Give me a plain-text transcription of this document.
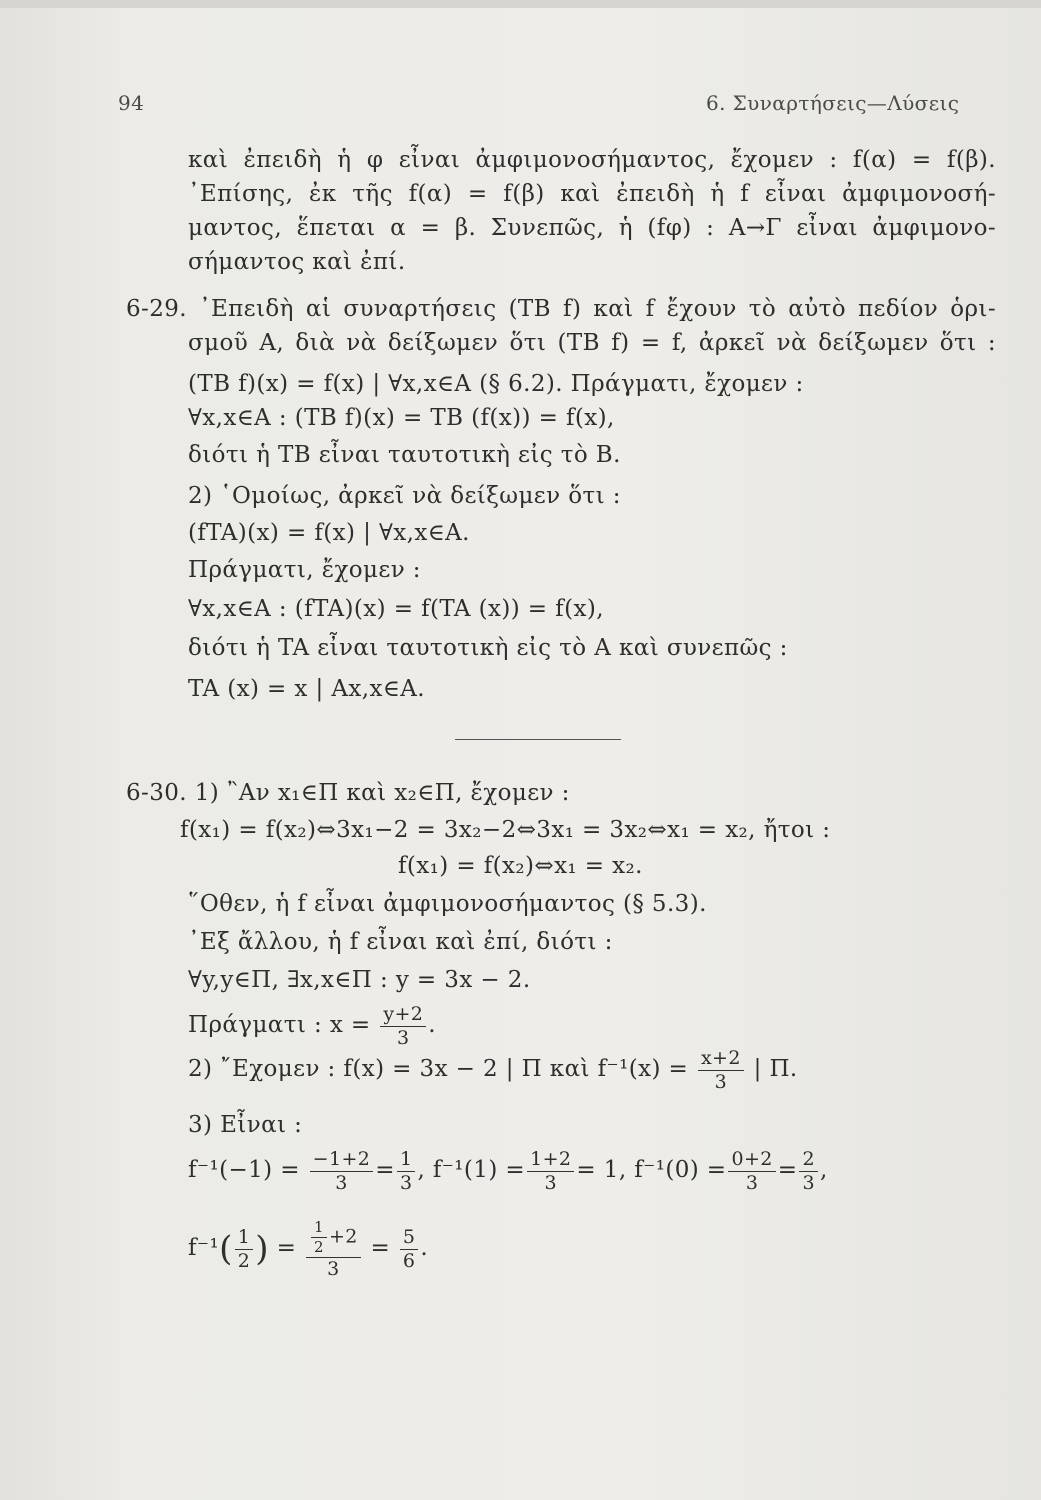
94	6. Συναρτήσεις—Λύσεις
καὶ ἐπειδὴ ἡ φ εἶναι ἀμφιμονοσήμαντος, ἔχομεν : f(α) = f(β).
᾿Επίσης, ἐκ τῆς f(α) = f(β) καὶ ἐπειδὴ ἡ f εἶναι ἀμφιμονοσή-
μαντος, ἕπεται α = β. Συνεπῶς, ἡ (fφ) : Α→Γ εἶναι ἀμφιμονο-
σήμαντος καὶ ἐπί.
6-29. ᾿Επειδὴ αἱ συναρτήσεις (TB f) καὶ f ἔχουν τὸ αὐτὸ πεδίον ὁρι-
σμοῦ Α, διὰ νὰ δείξωμεν ὅτι (TB f) = f, ἀρκεῖ νὰ δείξωμεν ὅτι :
(TB f)(x) = f(x) | ∀x,x∈A (§ 6.2). Πράγματι, ἔχομεν :
∀x,x∈A : (TB f)(x) = TB (f(x)) = f(x),
διότι ἡ TB εἶναι ταυτοτικὴ εἰς τὸ Β.
2) ῾Ομοίως, ἀρκεῖ νὰ δείξωμεν ὅτι :
(fTA)(x) = f(x) | ∀x,x∈A.
Πράγματι, ἔχομεν :
∀x,x∈A : (fTA)(x) = f(TA (x)) = f(x),
διότι ἡ TA εἶναι ταυτοτικὴ εἰς τὸ Α καὶ συνεπῶς :
TA (x) = x | Ax,x∈A.
6-30. 1) ῍Αν x₁∈Π καὶ x₂∈Π, ἔχομεν :
f(x₁) = f(x₂)⇔3x₁−2 = 3x₂−2⇔3x₁ = 3x₂⇔x₁ = x₂, ἤτοι :
f(x₁) = f(x₂)⇔x₁ = x₂.
῞Οθεν, ἡ f εἶναι ἀμφιμονοσήμαντος (§ 5.3).
᾿Εξ ἄλλου, ἡ f εἶναι καὶ ἐπί, διότι :
∀y,y∈Π, ∃x,x∈Π : y = 3x − 2.
Πράγματι : $x = \frac{y+2}{3}$ .
2) ῎Εχομεν : f(x) = 3x − 2 | Π καὶ $f^{-1}(x) = \frac{x+2}{3}$ | Π.
3) Εἶναι :
$f^{-1}(-1) = \frac{-1+2}{3} = \frac{1}{3}$ , $f^{-1}(1) = \frac{1+2}{3} = 1$, $f^{-1}(0) = \frac{0+2}{3} = \frac{2}{3}$ ,
$f^{-1}( \frac{1}{2}$ ) = $\frac{\frac{1}{2} +2}{3} = \frac{5}{6}$ .
